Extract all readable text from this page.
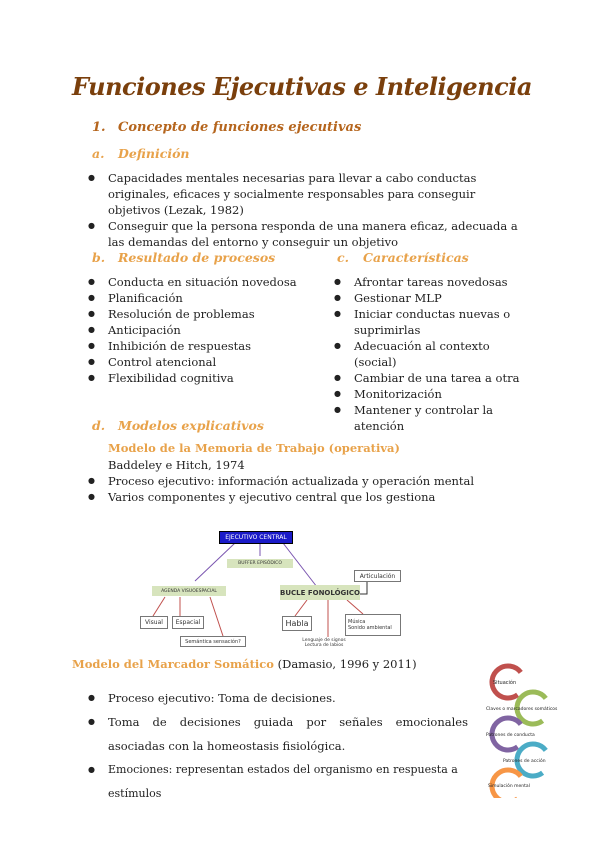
Funciones Ejecutivas e Inteligencia
1. Concepto de funciones ejecutivas
a. Definición
● Capacidades mentales necesarias para llevar a cabo conductas originales, eficaces y socialmente responsables para conseguir objetivos (Lezak, 1982)
● Conseguir que la persona responda de una manera eficaz, adecuada a las demandas del entorno y conseguir un objetivo
b. Resultado de procesos
● Conducta en situación novedosa
● Planificación
● Resolución de problemas
● Anticipación
● Inhibición de respuestas
● Control atencional
● Flexibilidad cognitiva
c. Características
● Afrontar tareas novedosas
● Gestionar MLP
● Iniciar conductas nuevas o suprimirlas
● Adecuación al contexto (social)
● Cambiar de una tarea a otra
● Monitorización
● Mantener y controlar la atención
d. Modelos explicativos
Modelo de la Memoria de Trabajo (operativa)
Baddeley e Hitch, 1974
● Proceso ejecutivo: información actualizada y operación mental
● Varios componentes y ejecutivo central que los gestiona
EJECUTIVO CENTRAL
BUFFER EPISÓDICO
AGENDA VISUOESPACIAL	BUCLE FONOLÓGICO
Articulación
Visual	Espacial
Semántica sensación?
Habla	Música
Sonido ambiental
Lenguaje de signos
Lectura de labios
Modelo del Marcador Somático (Damasio, 1996 y 2011)
● Proceso ejecutivo: Toma de decisiones.
● Toma de decisiones guiada por señales emocionales asociadas con la homeostasis fisiológica.
● Emociones: representan estados del organismo en respuesta a estímulos
Situación
Claves o marcadores somáticos
Patrones de conducta
Patrones de acción
Simulación mental
